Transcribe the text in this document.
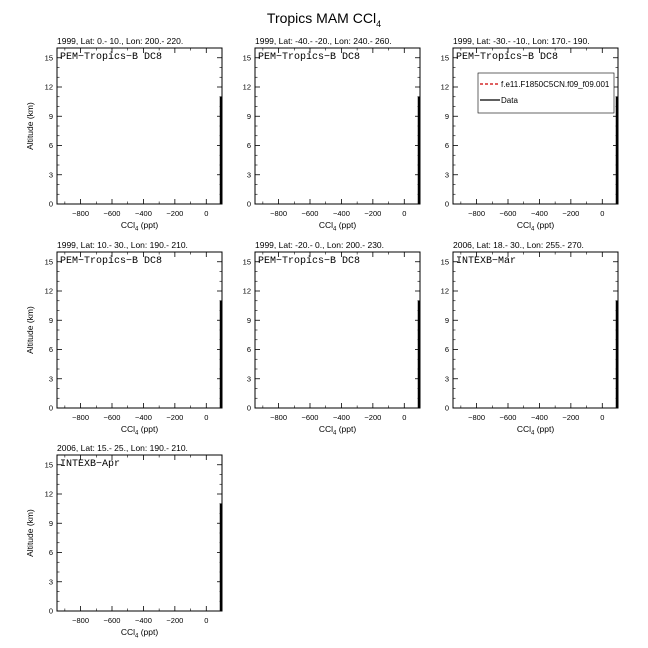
Tropics MAM CCl$_4$
1999, Lat: 0.- 10., Lon: 200.- 220.
PEM−Tropics−B DC8
−800 −600 −400 −200	0
0
3
6
9
12
15
CCl$_4$ (ppt)
Altitude (km)
1999, Lat: -40.- -20., Lon: 240.- 260.
PEM−Tropics−B DC8
−800 −600 −400 −200	0
0
3
6
9
12
15
CCl$_4$ (ppt)
1999, Lat: -30.- -10., Lon: 170.- 190.
PEM−Tropics−B DC8
−800 −600 −400 −200	0
0
3
6
9
12
15
CCl$_4$ (ppt)
f.e11.F1850C5CN.f09_f09.001
Data
1999, Lat: 10.- 30., Lon: 190.- 210.
PEM−Tropics−B DC8
−800 −600 −400 −200	0
0
3
6
9
12
15
CCl$_4$ (ppt)
Altitude (km)
1999, Lat: -20.- 0., Lon: 200.- 230.
PEM−Tropics−B DC8
−800 −600 −400 −200	0
0
3
6
9
12
15
CCl$_4$ (ppt)
2006, Lat: 18.- 30., Lon: 255.- 270.
INTEXB−Mar
−800 −600 −400 −200	0
0
3
6
9
12
15
CCl$_4$ (ppt)
2006, Lat: 15.- 25., Lon: 190.- 210.
INTEXB−Apr
−800 −600 −400 −200	0
0
3
6
9
12
15
CCl$_4$ (ppt)
Altitude (km)
